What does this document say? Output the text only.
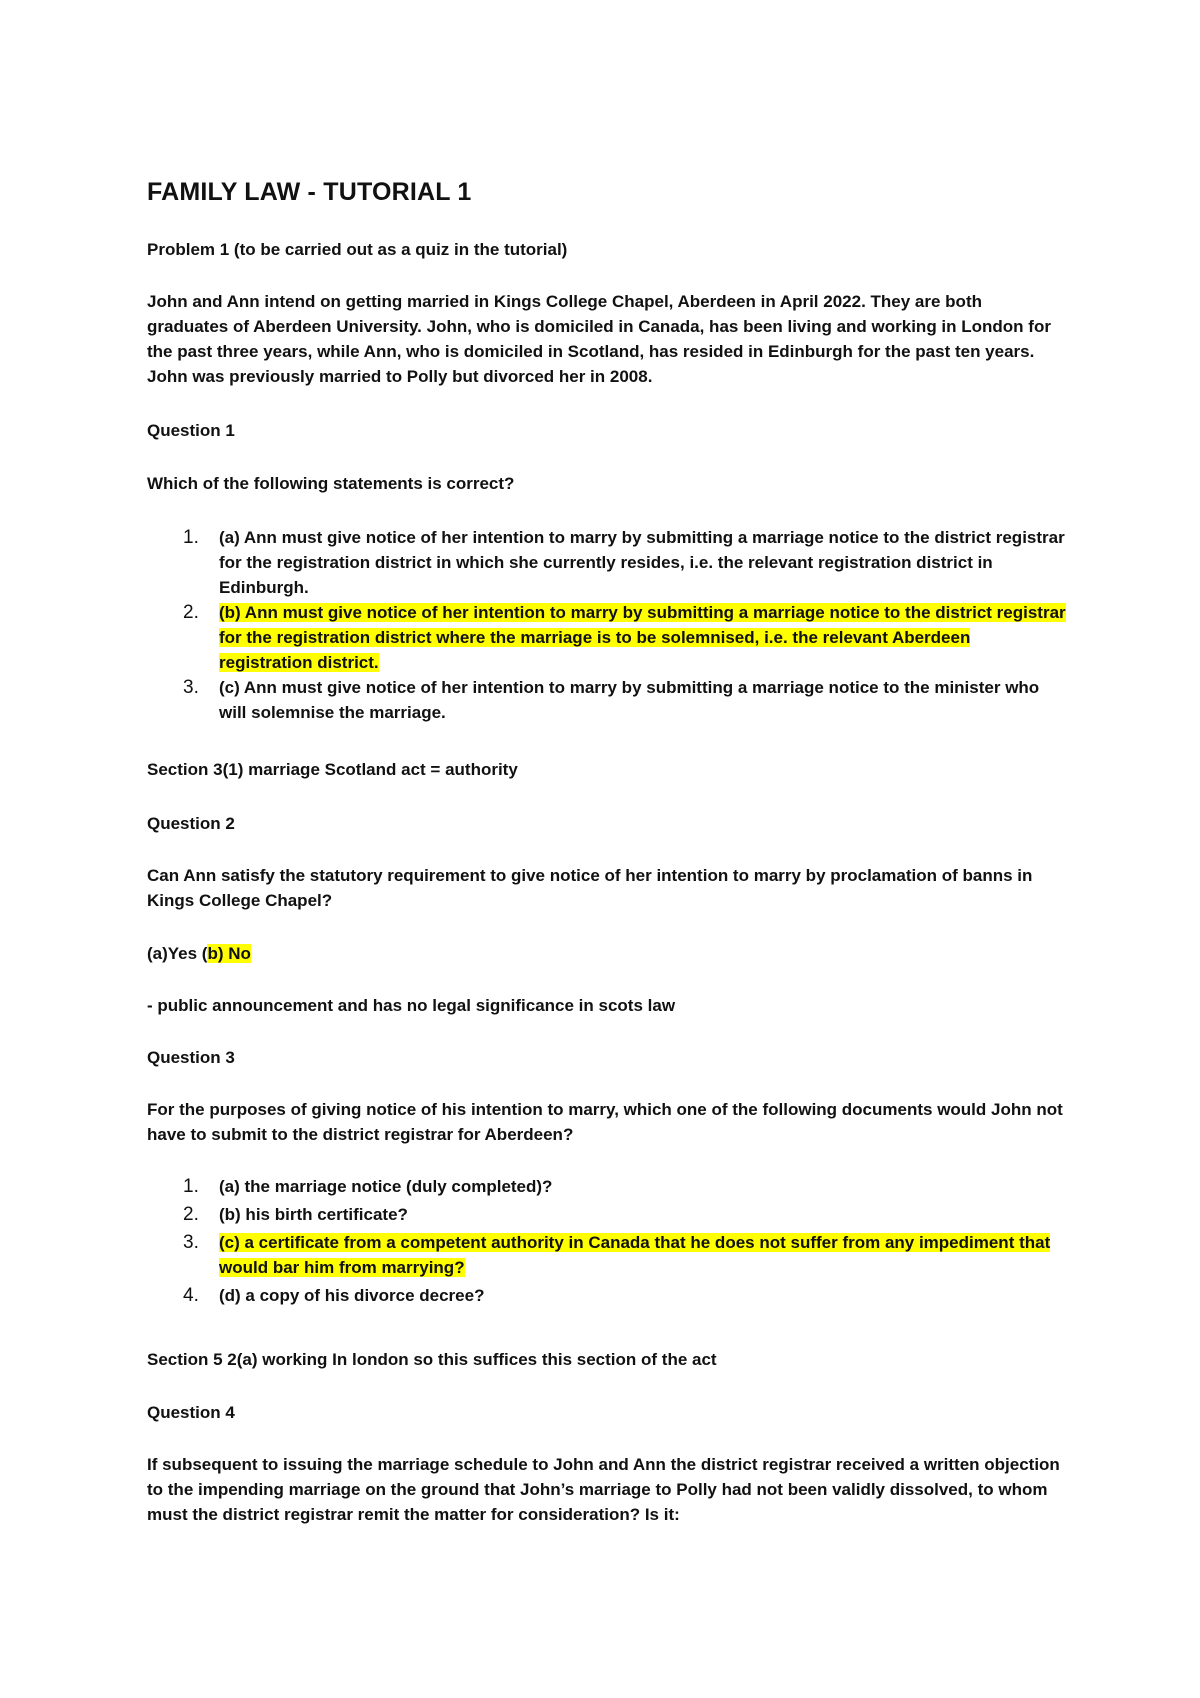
FAMILY LAW - TUTORIAL 1
Problem 1 (to be carried out as a quiz in the tutorial)
John and Ann intend on getting married in Kings College Chapel, Aberdeen in April 2022. They are both graduates of Aberdeen University. John, who is domiciled in Canada, has been living and working in London for the past three years, while Ann, who is domiciled in Scotland, has resided in Edinburgh for the past ten years. John was previously married to Polly but divorced her in 2008.
Question 1
Which of the following statements is correct?
1. (a) Ann must give notice of her intention to marry by submitting a marriage notice to the district registrar for the registration district in which she currently resides, i.e. the relevant registration district in Edinburgh.
2. (b) Ann must give notice of her intention to marry by submitting a marriage notice to the district registrar for the registration district where the marriage is to be solemnised, i.e. the relevant Aberdeen registration district.
3. (c) Ann must give notice of her intention to marry by submitting a marriage notice to the minister who will solemnise the marriage.
Section 3(1) marriage Scotland act = authority
Question 2
Can Ann satisfy the statutory requirement to give notice of her intention to marry by proclamation of banns in Kings College Chapel?
(a)Yes (b) No
- public announcement and has no legal significance in scots law
Question 3
For the purposes of giving notice of his intention to marry, which one of the following documents would John not have to submit to the district registrar for Aberdeen?
1. (a) the marriage notice (duly completed)?
2. (b) his birth certificate?
3. (c) a certificate from a competent authority in Canada that he does not suffer from any impediment that would bar him from marrying?
4. (d) a copy of his divorce decree?
Section 5 2(a) working In london so this suffices this section of the act
Question 4
If subsequent to issuing the marriage schedule to John and Ann the district registrar received a written objection to the impending marriage on the ground that John’s marriage to Polly had not been validly dissolved, to whom must the district registrar remit the matter for consideration? Is it:
